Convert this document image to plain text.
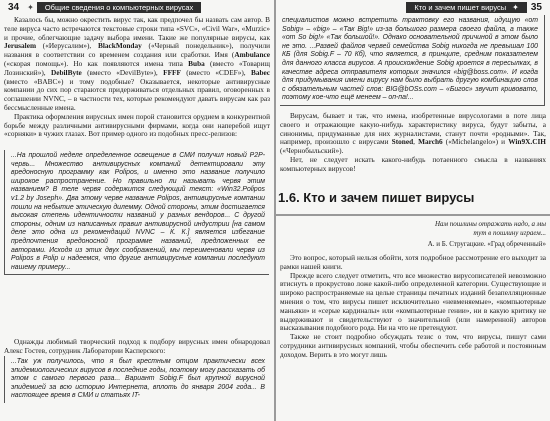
34 ✦	Общие сведения о компьютерных вирусах

Казалось бы, можно окрестить вирус так, как предпочел бы назвать сам автор. В теле вируса часто встречаются текстовые строки типа «SVC», «Civil War», «Murzic» и прочие, облегчающие задачу выбора имени. Такие же популярные вирусы, как Jerusalem («Иерусалим»), BlackMonday («Черный понедельник»), получили названия в соответствии со временем создания или сработки. Имя (Ambulance («скорая помощь»). Но как появляются имена типа Buba (вместо «Товарищ Лозинский»), DebilByte (вместо «DevilByte»), FFFF (вместо «CDEF»), Babec (вместо «BABC») и тому подобные? Оказывается, некоторые антивирусные компании до сих пор стараются придерживаться отдельных правил, оговоренных в соглашении NVNC, – в частности тех, которые рекомендуют давать вирусам как раз бессмысленные имена.

Практика оформления вирусных имен порой становится орудием в конкурентной борьбе между различными антивирусными фирмами, когда они наперебой ищут «сорняки» в чужих глазах. Вот пример одного из подобных пресс-релизов:

...На прошлой неделе определенное освещение в СМИ получил новый P2P-червь... Множество антивирусных компаний детектировали эту вредоносную программу как Polipos, и именно это название получило широкое распространение. Но правильно ли называть червя этим названием? В теле червя содержится следующий текст: «Win32.Polipos v1.2 by Joseph». Два этому черве название Polipos, антивирусные компании пошли на небытие этическую дилемму. Одной стороны, этим достигается высокая степень идентичности названий у разных вендоров... С другой стороны, одним из написанных правил антивирусной индустрии [на самом деле это одна из рекомендаций NVNC – К. К.] является избегание предпочтения вредоносной программе названий, предложенных ее авторами. Исходя из этих двух соображений, мы переименовали червя из Polipos в Polip и надеемся, что другие антивирусные компании последуют нашему примеру...

Однажды любимый творческий подход к подбору вирусных имен обнародовал Алекс Гостев, сотрудник Лаборатории Касперского:

...Так уж получилось, что я был крестным отцом практически всех эпидемиологических вирусов в последние годы, поэтому могу рассказать об этом с самого первого раза... Вариант Sobig.F был крупной вирусной эпидемией за всю историю Интернета, вплоть до января 2004 года... В настоящее время в СМИ и статьях IT-
Кто и зачем пишет вирусы ✦ 35
специалистов можно встретить трактовку его названия, идущую «от Sobig» – «big» – «Так Big!» из-за большого размера своего файла, а также «от So big!» «Так большой!». Однако основательной причиной в этом было не это. ...Развей файлов червей семейства Sobig никогда не превышал 100 КБ (для Sobig.F – 70 Кб), что является, в принципе, средним показателем для данного класса вирусов. А происхождение Sobig кроется в пересылках, в качестве адреса отправителя которых значился «big@boss.com». И когда для придумывания имени вирусу нам было выбрать другую комбинацию слов с обязательным частей слов: BIG@bOSs.com – «Бигос» звучит кривовато, поэтому кое-что ещё менеем – оп-па!...

Вирусам, бывает и так, что имена, изобретенные вирусологами в поте лица своего и отражающие какую-нибудь характеристику вируса, будут забыты, а синонимы, придуманные для них журналистами, станут почти «родными». Так, например, произошло с вирусами Stoned, March6 («Michelangelo») и Win9X.CIH («Чернобыльский»).

Нет, не следует искать какого-нибудь потаенного смысла в названиях компьютерных вирусов!

1.6. Кто и зачем пишет вирусы
Нам пошлины отражать надо, а мы тут в пошлину играем...
А. и Б. Стругацкие. «Град обреченный»

Это вопрос, который нельзя обойти, хотя подробное рассмотрение его выходит за рамки нашей книги.

Прежде всего следует отметить, что все множество вирусописателей невозможно втиснуть в прокрустово ложе какой-либо определенной категории. Существующие и широко распространяемые на целые страницы печатных изданий безапелляционные мнения о том, что вирусы пишет исключительно «невменяемые», «компьютерные маньяки» и «серые кардиналы» или «компьютерные гении», ни в какую критику не выдерживают и свидетельствуют о значительной (или намеренной) авторов высказывания подобного рода. Ни на что не претендуют.

Также не стоит подробно обсуждать тезис о том, что вирусы, пишут сами сотрудники антивирусных компаний, чтобы обеспечить себе работой и постоянным доходом. Верить в это могут лишь
